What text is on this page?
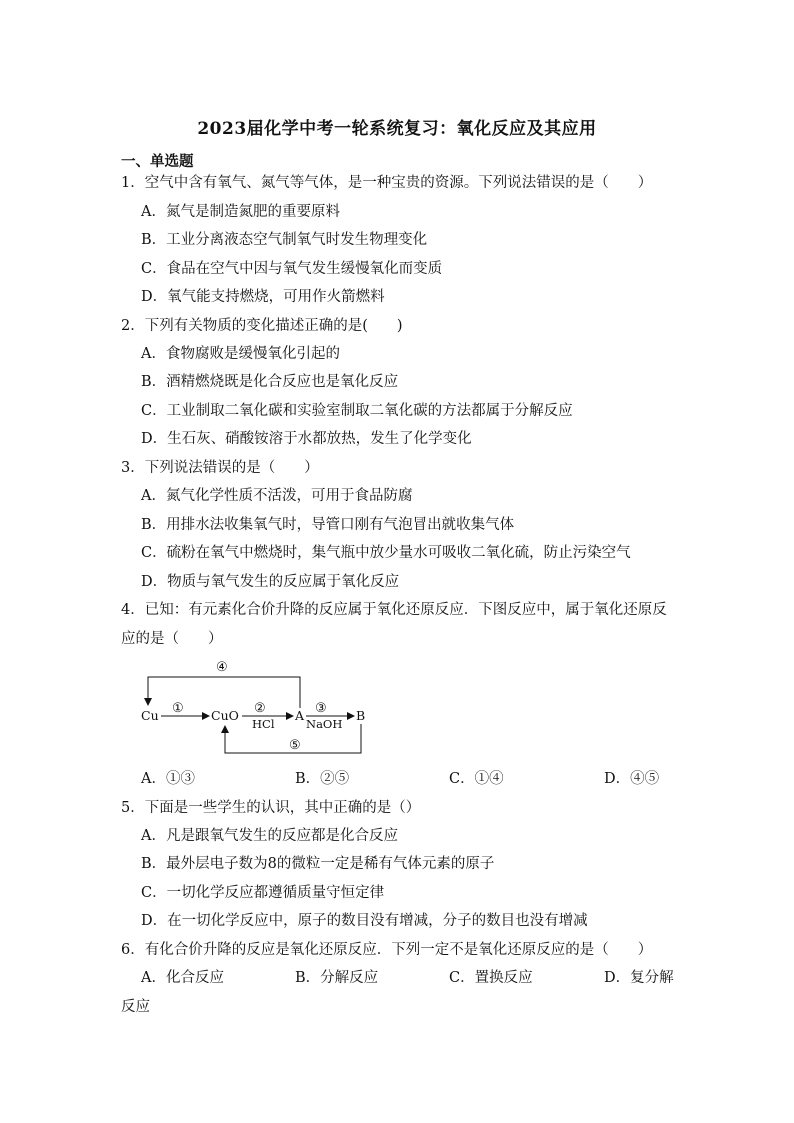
2023届化学中考一轮系统复习：氧化反应及其应用
一、单选题
1．空气中含有氧气、氮气等气体，是一种宝贵的资源。下列说法错误的是（　　）
A．氮气是制造氮肥的重要原料
B．工业分离液态空气制氧气时发生物理变化
C．食品在空气中因与氧气发生缓慢氧化而变质
D．氧气能支持燃烧，可用作火箭燃料
2．下列有关物质的变化描述正确的是(　　)
A．食物腐败是缓慢氧化引起的
B．酒精燃烧既是化合反应也是氧化反应
C．工业制取二氧化碳和实验室制取二氧化碳的方法都属于分解反应
D．生石灰、硝酸铵溶于水都放热，发生了化学变化
3．下列说法错误的是（　　）
A．氮气化学性质不活泼，可用于食品防腐
B．用排水法收集氧气时，导管口刚有气泡冒出就收集气体
C．硫粉在氧气中燃烧时，集气瓶中放少量水可吸收二氧化硫，防止污染空气
D．物质与氧气发生的反应属于氧化反应
4．已知：有元素化合价升降的反应属于氧化还原反应．下图反应中，属于氧化还原反
应的是（　　）
Cu	CuO	A	B
①	②
HCl
③
NaOH
④
⑤
A．①③	B．②⑤	C．①④	D．④⑤
5．下面是一些学生的认识，其中正确的是（）
A．凡是跟氧气发生的反应都是化合反应
B．最外层电子数为8的微粒一定是稀有气体元素的原子
C．一切化学反应都遵循质量守恒定律
D．在一切化学反应中，原子的数目没有增减，分子的数目也没有增减
6．有化合价升降的反应是氧化还原反应．下列一定不是氧化还原反应的是（　　）
A．化合反应	B．分解反应	C．置换反应	D．复分解
反应
